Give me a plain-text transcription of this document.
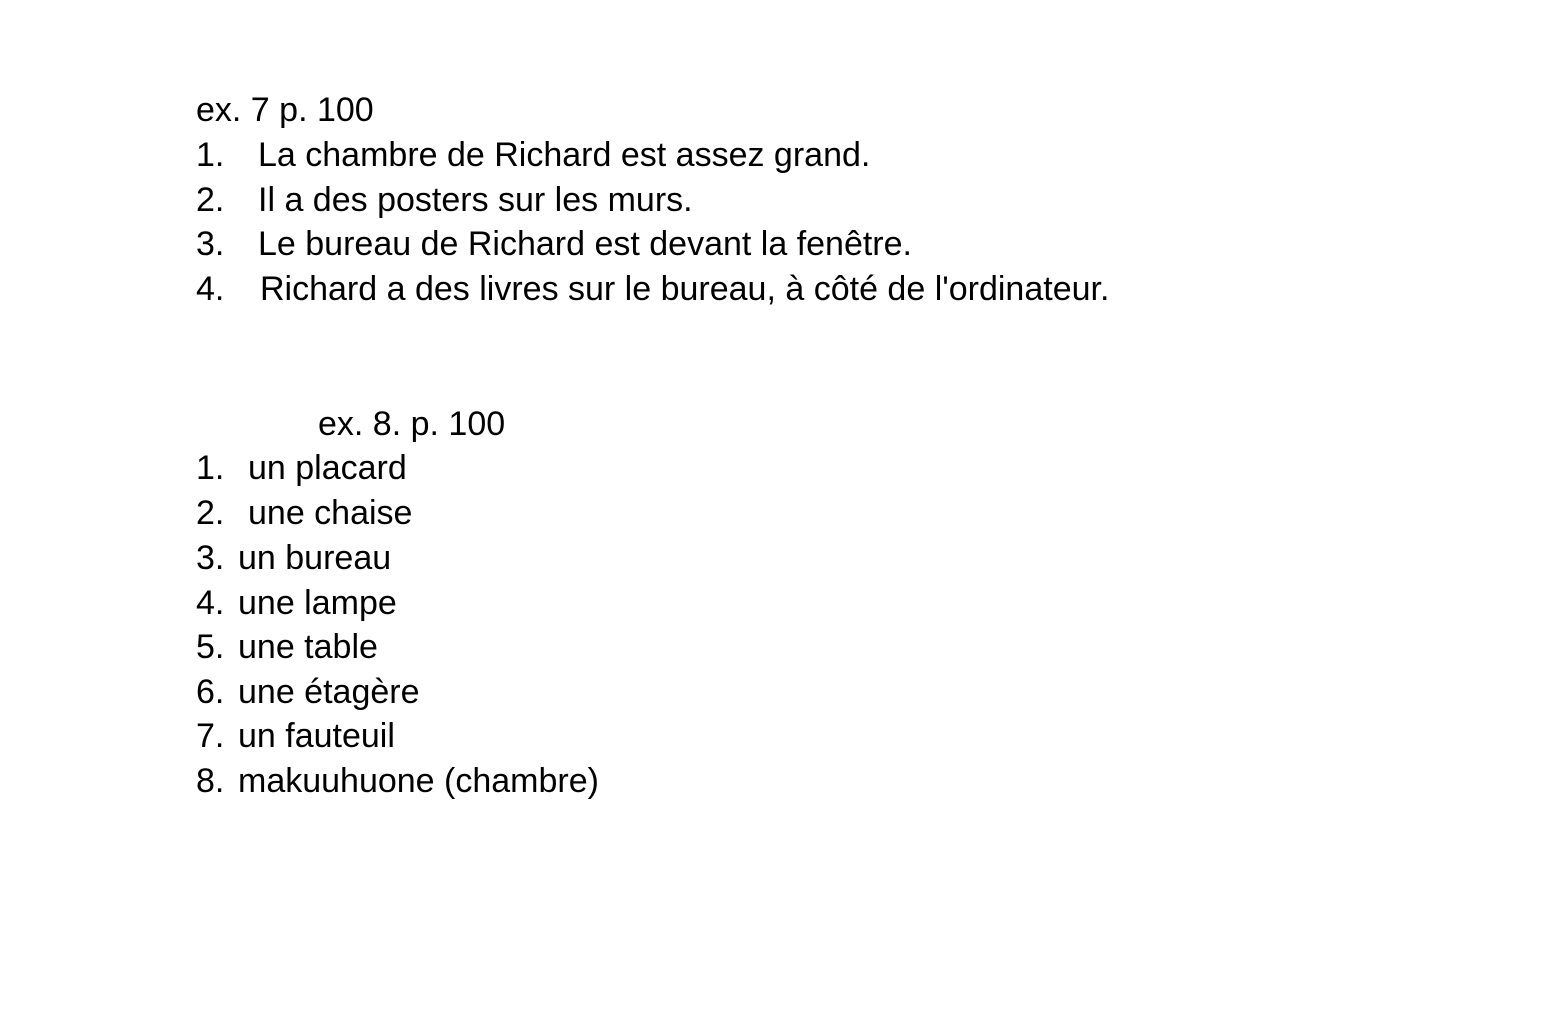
ex. 7 p. 100

1. La chambre de Richard est assez grand.

2. Il a des posters sur les murs.

3. Le bureau de Richard est devant la fenêtre.

4. Richard a des livres sur le bureau, à côté de l'ordinateur.

ex. 8. p. 100

1. un placard

2. une chaise

3. un bureau

4. une lampe

5. une table

6. une étagère

7. un fauteuil

8. makuuhuone (chambre)
